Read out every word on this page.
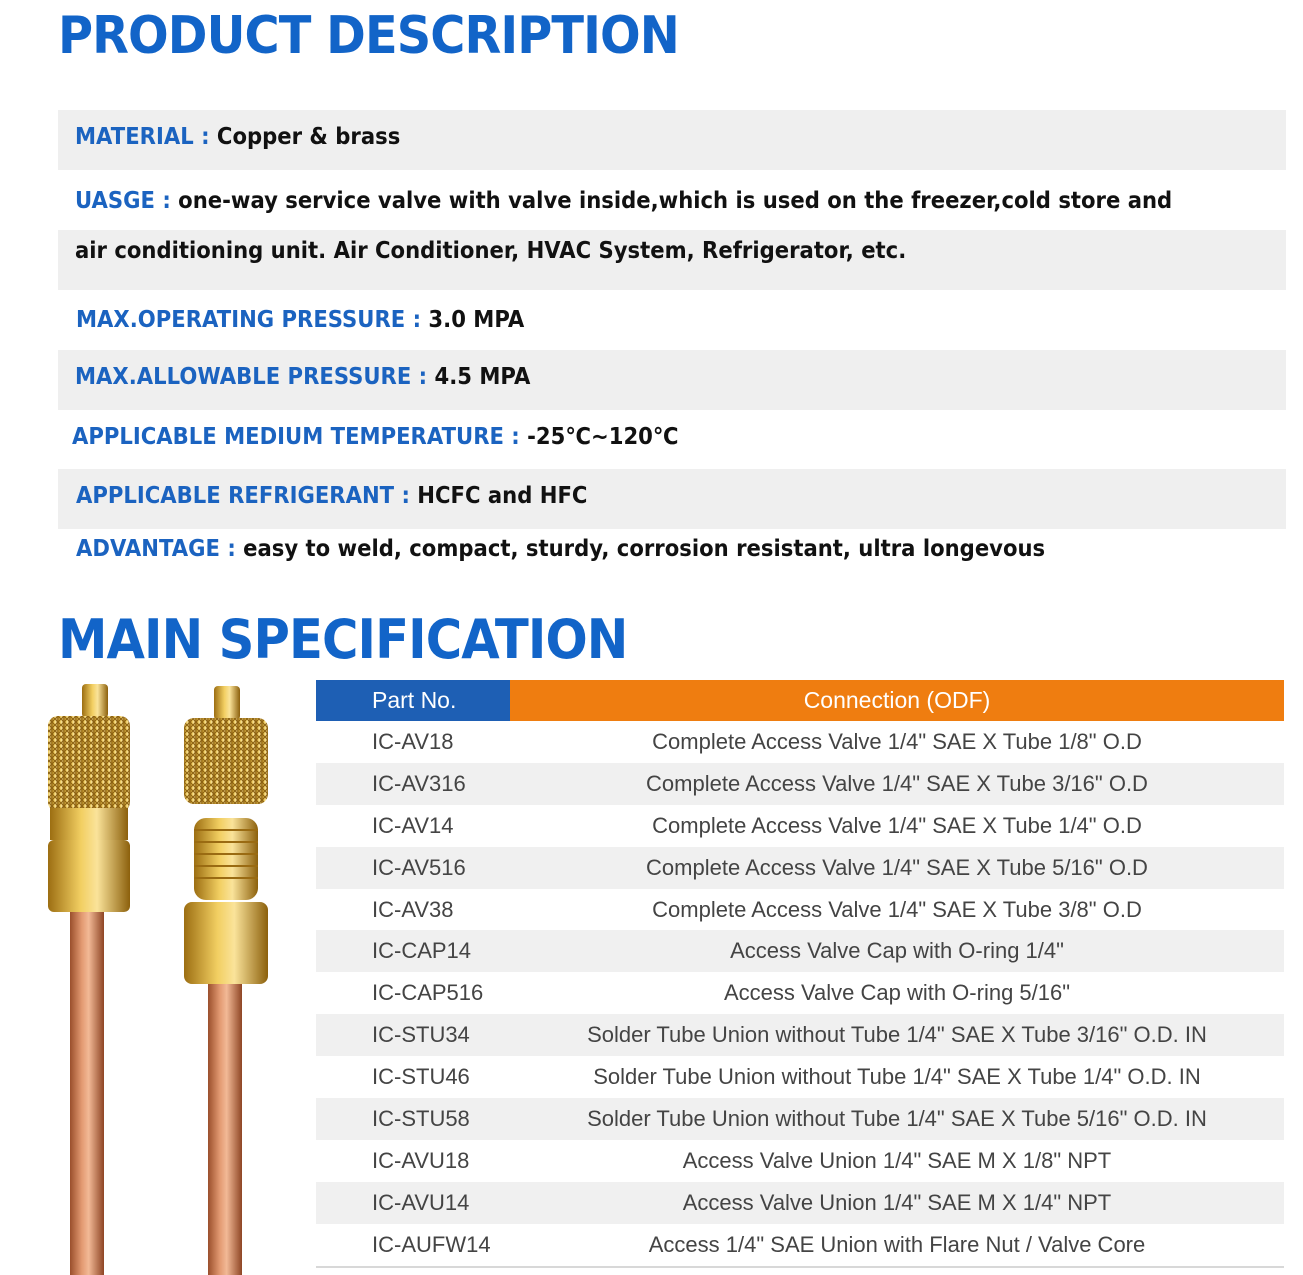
PRODUCT DESCRIPTION
MATERIAL : Copper & brass
UASGE : one-way service valve with valve inside,which is used on the freezer,cold store and
air conditioning unit. Air Conditioner, HVAC System, Refrigerator, etc.
MAX.OPERATING PRESSURE : 3.0 MPA
MAX.ALLOWABLE PRESSURE : 4.5 MPA
APPLICABLE MEDIUM TEMPERATURE : -25℃~120℃
APPLICABLE REFRIGERANT : HCFC and HFC
ADVANTAGE : easy to weld, compact, sturdy, corrosion resistant, ultra longevous
MAIN SPECIFICATION
Part No.	Connection (ODF)
IC-AV18	Complete Access Valve 1/4" SAE X Tube 1/8" O.D
IC-AV316	Complete Access Valve 1/4" SAE X Tube 3/16" O.D
IC-AV14	Complete Access Valve 1/4" SAE X Tube 1/4" O.D
IC-AV516	Complete Access Valve 1/4" SAE X Tube 5/16" O.D
IC-AV38	Complete Access Valve 1/4" SAE X Tube 3/8" O.D
IC-CAP14	Access Valve Cap with O-ring 1/4"
IC-CAP516	Access Valve Cap with O-ring 5/16"
IC-STU34	Solder Tube Union without Tube 1/4" SAE X Tube 3/16" O.D. IN
IC-STU46	Solder Tube Union without Tube 1/4" SAE X Tube 1/4" O.D. IN
IC-STU58	Solder Tube Union without Tube 1/4" SAE X Tube 5/16" O.D. IN
IC-AVU18	Access Valve Union 1/4" SAE M X 1/8" NPT
IC-AVU14	Access Valve Union 1/4" SAE M X 1/4" NPT
IC-AUFW14	Access 1/4" SAE Union with Flare Nut / Valve Core
